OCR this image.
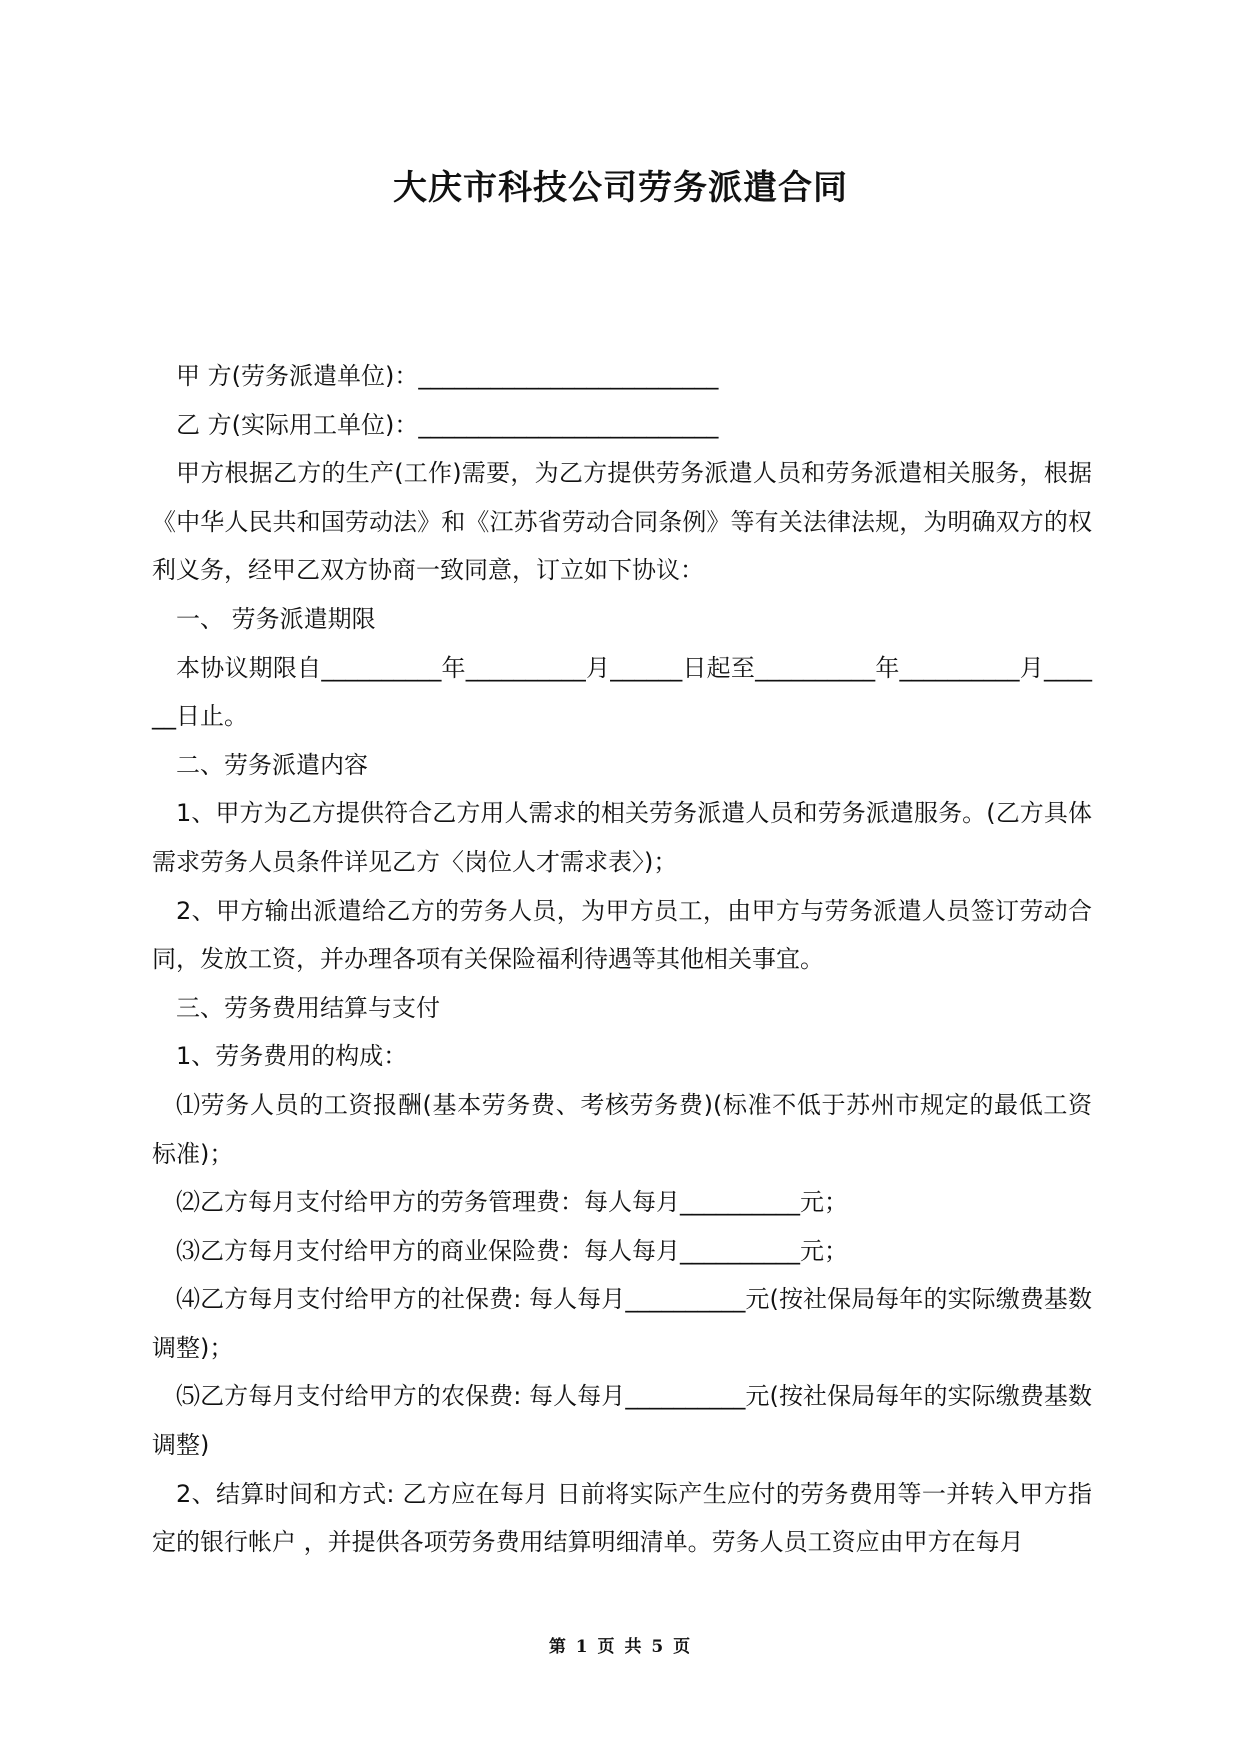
大庆市科技公司劳务派遣合同

甲 方(劳务派遣单位)：_________________________

乙 方(实际用工单位)：_________________________

甲方根据乙方的生产(工作)需要，为乙方提供劳务派遣人员和劳务派遣相关服务，根据《中华人民共和国劳动法》和《江苏省劳动合同条例》等有关法律法规，为明确双方的权利义务，经甲乙双方协商一致同意，订立如下协议：

一、 劳务派遣期限

本协议期限自__________年__________月______日起至__________年__________月______日止。

二、劳务派遣内容

1、甲方为乙方提供符合乙方用人需求的相关劳务派遣人员和劳务派遣服务。(乙方具体需求劳务人员条件详见乙方〈岗位人才需求表〉)；

2、甲方输出派遣给乙方的劳务人员，为甲方员工，由甲方与劳务派遣人员签订劳动合同，发放工资，并办理各项有关保险福利待遇等其他相关事宜。

三、劳务费用结算与支付

1、劳务费用的构成：

⑴劳务人员的工资报酬(基本劳务费、考核劳务费)(标准不低于苏州市规定的最低工资标准)；

⑵乙方每月支付给甲方的劳务管理费：每人每月__________元；

⑶乙方每月支付给甲方的商业保险费：每人每月__________元；

⑷乙方每月支付给甲方的社保费: 每人每月__________元(按社保局每年的实际缴费基数调整)；

⑸乙方每月支付给甲方的农保费: 每人每月__________元(按社保局每年的实际缴费基数调整)

2、结算时间和方式: 乙方应在每月 日前将实际产生应付的劳务费用等一并转入甲方指定的银行帐户 ，并提供各项劳务费用结算明细清单。劳务人员工资应由甲方在每月

第 1 页 共 5 页
